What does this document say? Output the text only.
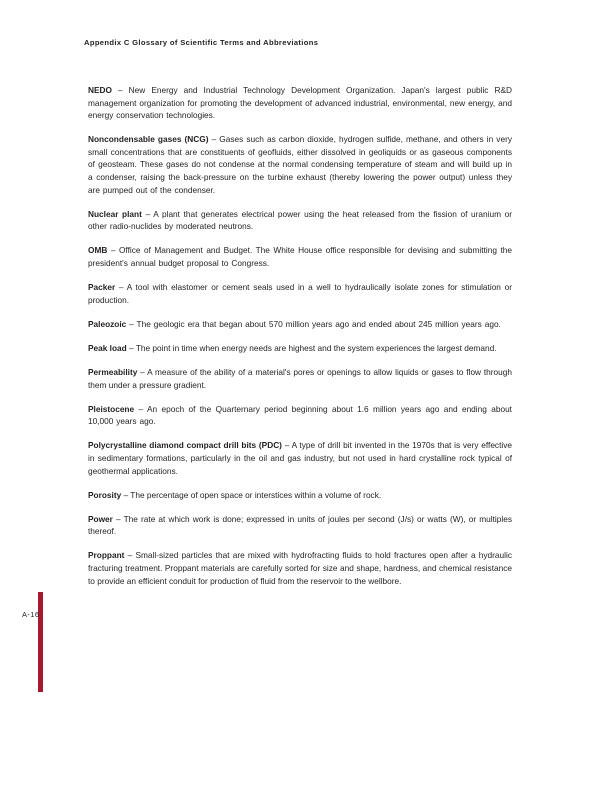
Appendix C Glossary of Scientific Terms and Abbreviations
A-16
NEDO – New Energy and Industrial Technology Development Organization. Japan's largest public R&D management organization for promoting the development of advanced industrial, environmental, new energy, and energy conservation technologies.
Noncondensable gases (NCG) – Gases such as carbon dioxide, hydrogen sulfide, methane, and others in very small concentrations that are constituents of geofluids, either dissolved in geoliquids or as gaseous components of geosteam. These gases do not condense at the normal condensing temperature of steam and will build up in a condenser, raising the back-pressure on the turbine exhaust (thereby lowering the power output) unless they are pumped out of the condenser.
Nuclear plant – A plant that generates electrical power using the heat released from the fission of uranium or other radio-nuclides by moderated neutrons.
OMB – Office of Management and Budget. The White House office responsible for devising and submitting the president's annual budget proposal to Congress.
Packer – A tool with elastomer or cement seals used in a well to hydraulically isolate zones for stimulation or production.
Paleozoic – The geologic era that began about 570 million years ago and ended about 245 million years ago.
Peak load – The point in time when energy needs are highest and the system experiences the largest demand.
Permeability – A measure of the ability of a material's pores or openings to allow liquids or gases to flow through them under a pressure gradient.
Pleistocene – An epoch of the Quarternary period beginning about 1.6 million years ago and ending about 10,000 years ago.
Polycrystalline diamond compact drill bits (PDC) – A type of drill bit invented in the 1970s that is very effective in sedimentary formations, particularly in the oil and gas industry, but not used in hard crystalline rock typical of geothermal applications.
Porosity – The percentage of open space or interstices within a volume of rock.
Power – The rate at which work is done; expressed in units of joules per second (J/s) or watts (W), or multiples thereof.
Proppant – Small-sized particles that are mixed with hydrofracting fluids to hold fractures open after a hydraulic fracturing treatment. Proppant materials are carefully sorted for size and shape, hardness, and chemical resistance to provide an efficient conduit for production of fluid from the reservoir to the wellbore.
